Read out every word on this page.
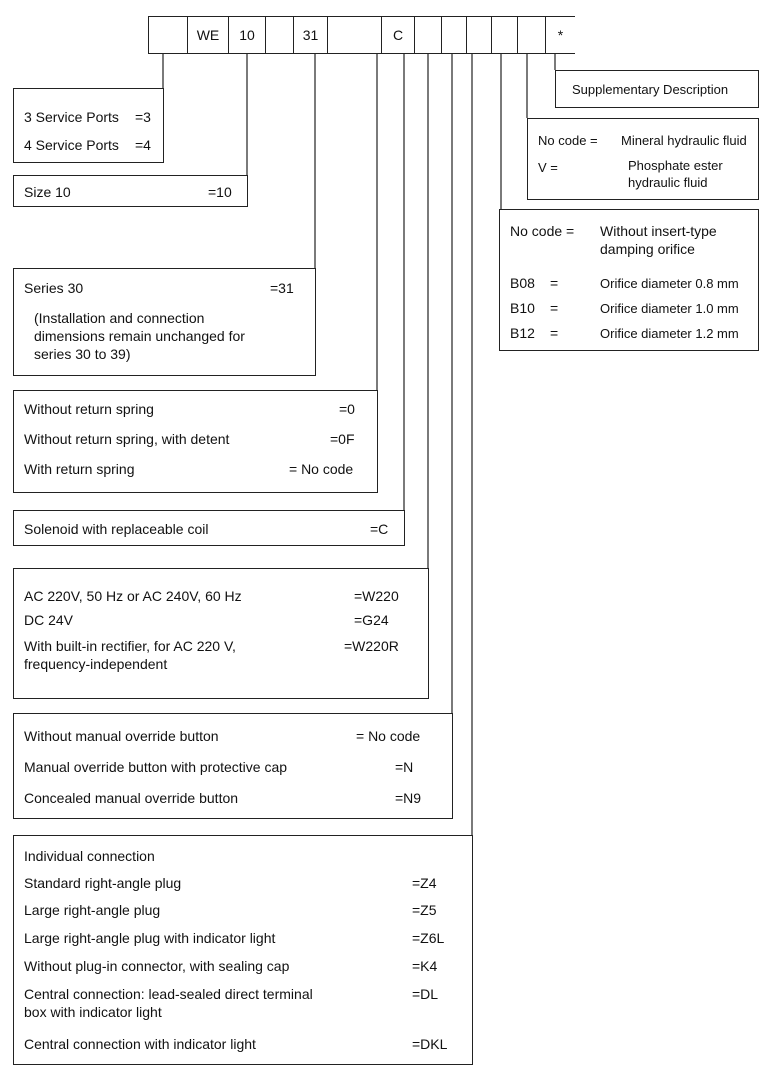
WE	10	31	C	*
Supplementary Description
No code = Mineral hydraulic fluid
V =	Phosphate ester hydraulic fluid
No code = Without insert-type damping orifice
B08 =	Orifice diameter 0.8 mm
B10 =	Orifice diameter 1.0 mm
B12 =	Orifice diameter 1.2 mm
3 Service Ports =3
4 Service Ports =4
Size 10	=10
Series 30	=31
(Installation and connection dimensions remain unchanged for series 30 to 39)
Without return spring	=0
Without return spring, with detent	=0F
With return spring	= No code
Solenoid with replaceable coil	=C
AC 220V, 50 Hz or AC 240V, 60 Hz	=W220
DC 24V	=G24
With built-in rectifier, for AC 220 V, frequency-independent
=W220R
Without manual override button	= No code
Manual override button with protective cap	=N
Concealed manual override button	=N9
Individual connection
Standard right-angle plug	=Z4
Large right-angle plug	=Z5
Large right-angle plug with indicator light	=Z6L
Without plug-in connector, with sealing cap	=K4
Central connection: lead-sealed direct terminal box with indicator light
=DL
Central connection with indicator light	=DKL
